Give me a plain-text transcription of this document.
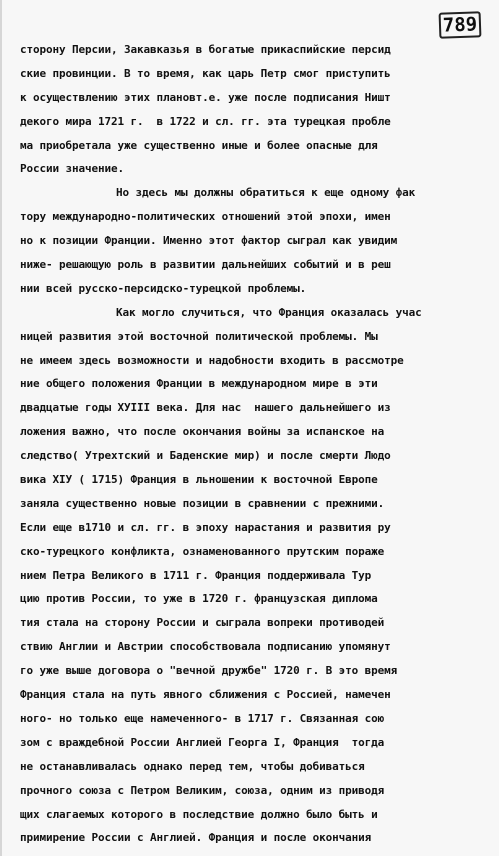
789
сторону Персии, Закавказья в богатые прикаспийские персид
ские провинции. В то время, как царь Петр смог приступить
к осуществлению этих плановт.е. уже после подписания Ништ
декого мира 1721 г.  в 1722 и сл. гг. эта турецкая пробле
ма приобретала уже существенно иные и более опасные для
России значение.
Но здесь мы должны обратиться к еще одному фак
тору международно-политических отношений этой эпохи, имен
но к позиции Франции. Именно этот фактор сыграл как увидим
ниже- решающую роль в развитии дальнейших событий и в реш
нии всей русско-персидско-турецкой проблемы.
Как могло случиться, что Франция оказалась учас
ницей развития этой восточной политической проблемы. Мы
не имеем здесь возможности и надобности входить в рассмотре
ние общего положения Франции в международном мире в эти
двадцатые годы ХУIII века. Для нас  нашего дальнейшего из
ложения важно, что после окончания войны за испанское на
следство( Утрехтский и Баденские мир) и после смерти Людо
вика ХIУ ( 1715) Франция в льношении к восточной Европе
заняла существенно новые позиции в сравнении с прежними.
Если еще в1710 и сл. гг. в эпоху нарастания и развития ру
ско-турецкого конфликта, ознаменованного прутским пораже
нием Петра Великого в 1711 г. Франция поддерживала Тур
цию против России, то уже в 1720 г. французская диплома
тия стала на сторону России и сыграла вопреки противодей
ствию Англии и Австрии способствовала подписанию упомянут
го уже выше договора о "вечной дружбе" 1720 г. В это время
Франция стала на путь явного сближения с Россией, намечен
ного- но только еще намеченного- в 1717 г. Связанная сою
зом с враждебной России Англией Георга I, Франция  тогда
не останавливалась однако перед тем, чтобы добиваться
прочного союза с Петром Великим, союза, одним из приводя
щих слагаемых которого в последствие должно было быть и
примирение России с Англией. Франция и после окончания
